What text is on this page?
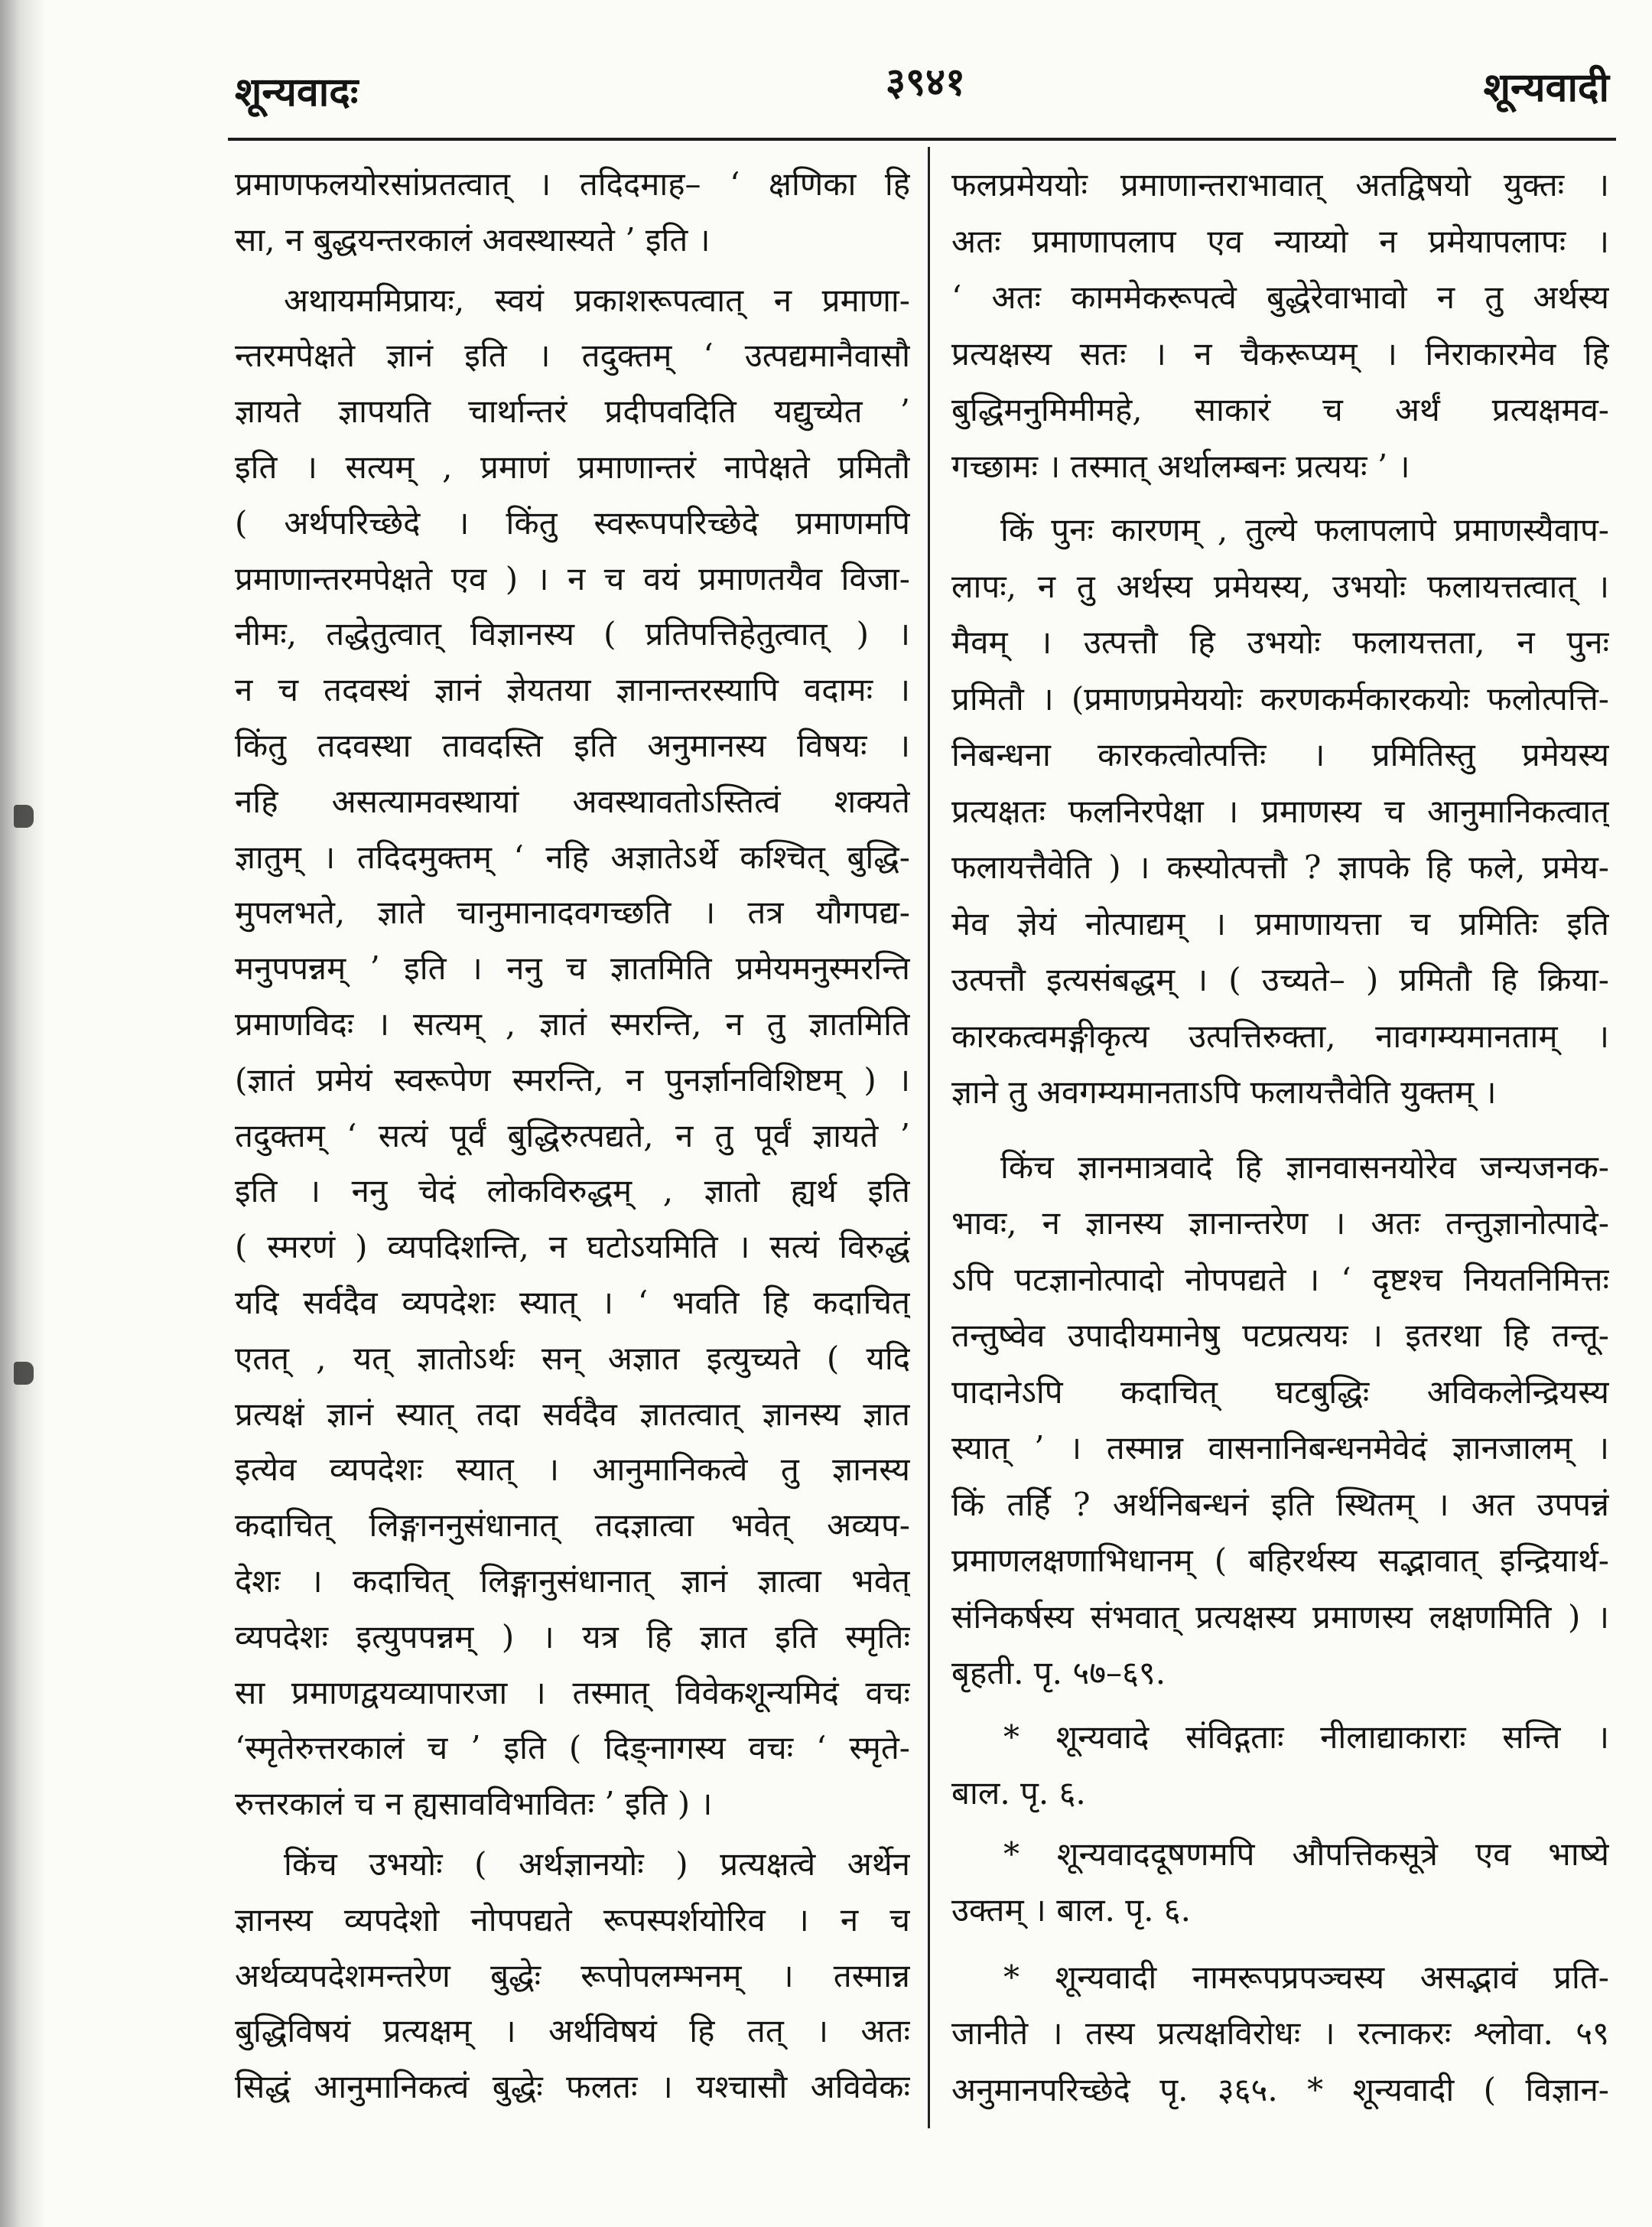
शून्यवादः	३९४१	शून्यवादी
प्रमाणफलयोरसांप्रतत्वात् । तदिदमाह– ‘ क्षणिका हि
सा, न बुद्धयन्तरकालं अवस्थास्यते ’ इति ।
अथायममिप्रायः, स्वयं प्रकाशरूपत्वात् न प्रमाणा-
न्तरमपेक्षते ज्ञानं इति । तदुक्तम् ‘ उत्पद्यमानैवासौ
ज्ञायते ज्ञापयति चार्थान्तरं प्रदीपवदिति यद्युच्येत ’
इति । सत्यम् , प्रमाणं प्रमाणान्तरं नापेक्षते प्रमितौ
( अर्थपरिच्छेदे । किंतु स्वरूपपरिच्छेदे प्रमाणमपि
प्रमाणान्तरमपेक्षते एव ) । न च वयं प्रमाणतयैव विजा-
नीमः, तद्धेतुत्वात् विज्ञानस्य ( प्रतिपत्तिहेतुत्वात् ) ।
न च तदवस्थं ज्ञानं ज्ञेयतया ज्ञानान्तरस्यापि वदामः ।
किंतु तदवस्था तावदस्ति इति अनुमानस्य विषयः ।
नहि असत्यामवस्थायां अवस्थावतोऽस्तित्वं शक्यते
ज्ञातुम् । तदिदमुक्तम् ‘ नहि अज्ञातेऽर्थे कश्चित् बुद्धि-
मुपलभते, ज्ञाते चानुमानादवगच्छति । तत्र यौगपद्य-
मनुपपन्नम् ’ इति । ननु च ज्ञातमिति प्रमेयमनुस्मरन्ति
प्रमाणविदः । सत्यम् , ज्ञातं स्मरन्ति, न तु ज्ञातमिति
(ज्ञातं प्रमेयं स्वरूपेण स्मरन्ति, न पुनर्ज्ञानविशिष्टम् ) ।
तदुक्तम् ‘ सत्यं पूर्वं बुद्धिरुत्पद्यते, न तु पूर्वं ज्ञायते ’
इति । ननु चेदं लोकविरुद्धम् , ज्ञातो ह्यर्थ इति
( स्मरणं ) व्यपदिशन्ति, न घटोऽयमिति । सत्यं विरुद्धं
यदि सर्वदैव व्यपदेशः स्यात् । ‘ भवति हि कदाचित्
एतत् , यत् ज्ञातोऽर्थः सन् अज्ञात इत्युच्यते ( यदि
प्रत्यक्षं ज्ञानं स्यात् तदा सर्वदैव ज्ञातत्वात् ज्ञानस्य ज्ञात
इत्येव व्यपदेशः स्यात् । आनुमानिकत्वे तु ज्ञानस्य
कदाचित् लिङ्गाननुसंधानात् तदज्ञात्वा भवेत् अव्यप-
देशः । कदाचित् लिङ्गानुसंधानात् ज्ञानं ज्ञात्वा भवेत्
व्यपदेशः इत्युपपन्नम् ) । यत्र हि ज्ञात इति स्मृतिः
सा प्रमाणद्वयव्यापारजा । तस्मात् विवेकशून्यमिदं वचः
‘स्मृतेरुत्तरकालं च ’ इति ( दिङ्नागस्य वचः ‘ स्मृते-
रुत्तरकालं च न ह्यसावविभावितः ’ इति ) ।
किंच उभयोः ( अर्थज्ञानयोः ) प्रत्यक्षत्वे अर्थेन
ज्ञानस्य व्यपदेशो नोपपद्यते रूपस्पर्शयोरिव । न च
अर्थव्यपदेशमन्तरेण बुद्धेः रूपोपलम्भनम् । तस्मान्न
बुद्धिविषयं प्रत्यक्षम् । अर्थविषयं हि तत् । अतः
सिद्धं आनुमानिकत्वं बुद्धेः फलतः । यश्चासौ अविवेकः
फलप्रमेययोः प्रमाणान्तराभावात् अतद्विषयो युक्तः ।
अतः प्रमाणापलाप एव न्याय्यो न प्रमेयापलापः ।
‘ अतः काममेकरूपत्वे बुद्धेरेवाभावो न तु अर्थस्य
प्रत्यक्षस्य सतः । न चैकरूप्यम् । निराकारमेव हि
बुद्धिमनुमिमीमहे, साकारं च अर्थं प्रत्यक्षमव-
गच्छामः । तस्मात् अर्थालम्बनः प्रत्ययः ’ ।
किं पुनः कारणम् , तुल्ये फलापलापे प्रमाणस्यैवाप-
लापः, न तु अर्थस्य प्रमेयस्य, उभयोः फलायत्तत्वात् ।
मैवम् । उत्पत्तौ हि उभयोः फलायत्तता, न पुनः
प्रमितौ । (प्रमाणप्रमेययोः करणकर्मकारकयोः फलोत्पत्ति-
निबन्धना कारकत्वोत्पत्तिः । प्रमितिस्तु प्रमेयस्य
प्रत्यक्षतः फलनिरपेक्षा । प्रमाणस्य च आनुमानिकत्वात्
फलायत्तैवेति ) । कस्योत्पत्तौ ? ज्ञापके हि फले, प्रमेय-
मेव ज्ञेयं नोत्पाद्यम् । प्रमाणायत्ता च प्रमितिः इति
उत्पत्तौ इत्यसंबद्धम् । ( उच्यते– ) प्रमितौ हि क्रिया-
कारकत्वमङ्गीकृत्य उत्पत्तिरुक्ता, नावगम्यमानताम् ।
ज्ञाने तु अवगम्यमानताऽपि फलायत्तैवेति युक्तम् ।
किंच ज्ञानमात्रवादे हि ज्ञानवासनयोरेव जन्यजनक-
भावः, न ज्ञानस्य ज्ञानान्तरेण । अतः तन्तुज्ञानोत्पादे-
ऽपि पटज्ञानोत्पादो नोपपद्यते । ‘ दृष्टश्च नियतनिमित्तः
तन्तुष्वेव उपादीयमानेषु पटप्रत्ययः । इतरथा हि तन्तू-
पादानेऽपि कदाचित् घटबुद्धिः अविकलेन्द्रियस्य
स्यात् ’ । तस्मान्न वासनानिबन्धनमेवेदं ज्ञानजालम् ।
किं तर्हि ? अर्थनिबन्धनं इति स्थितम् । अत उपपन्नं
प्रमाणलक्षणाभिधानम् ( बहिरर्थस्य सद्भावात् इन्द्रियार्थ-
संनिकर्षस्य संभवात् प्रत्यक्षस्य प्रमाणस्य लक्षणमिति ) ।
बृहती. पृ. ५७–६९.
* शून्यवादे संविद्गताः नीलाद्याकाराः सन्ति ।
बाल. पृ. ६.
* शून्यवाददूषणमपि औपत्तिकसूत्रे एव भाष्ये
उक्तम् । बाल. पृ. ६.
* शून्यवादी नामरूपप्रपञ्चस्य असद्भावं प्रति-
जानीते । तस्य प्रत्यक्षविरोधः । रत्नाकरः श्लोवा. ५९
अनुमानपरिच्छेदे पृ. ३६५. * शून्यवादी ( विज्ञान-
